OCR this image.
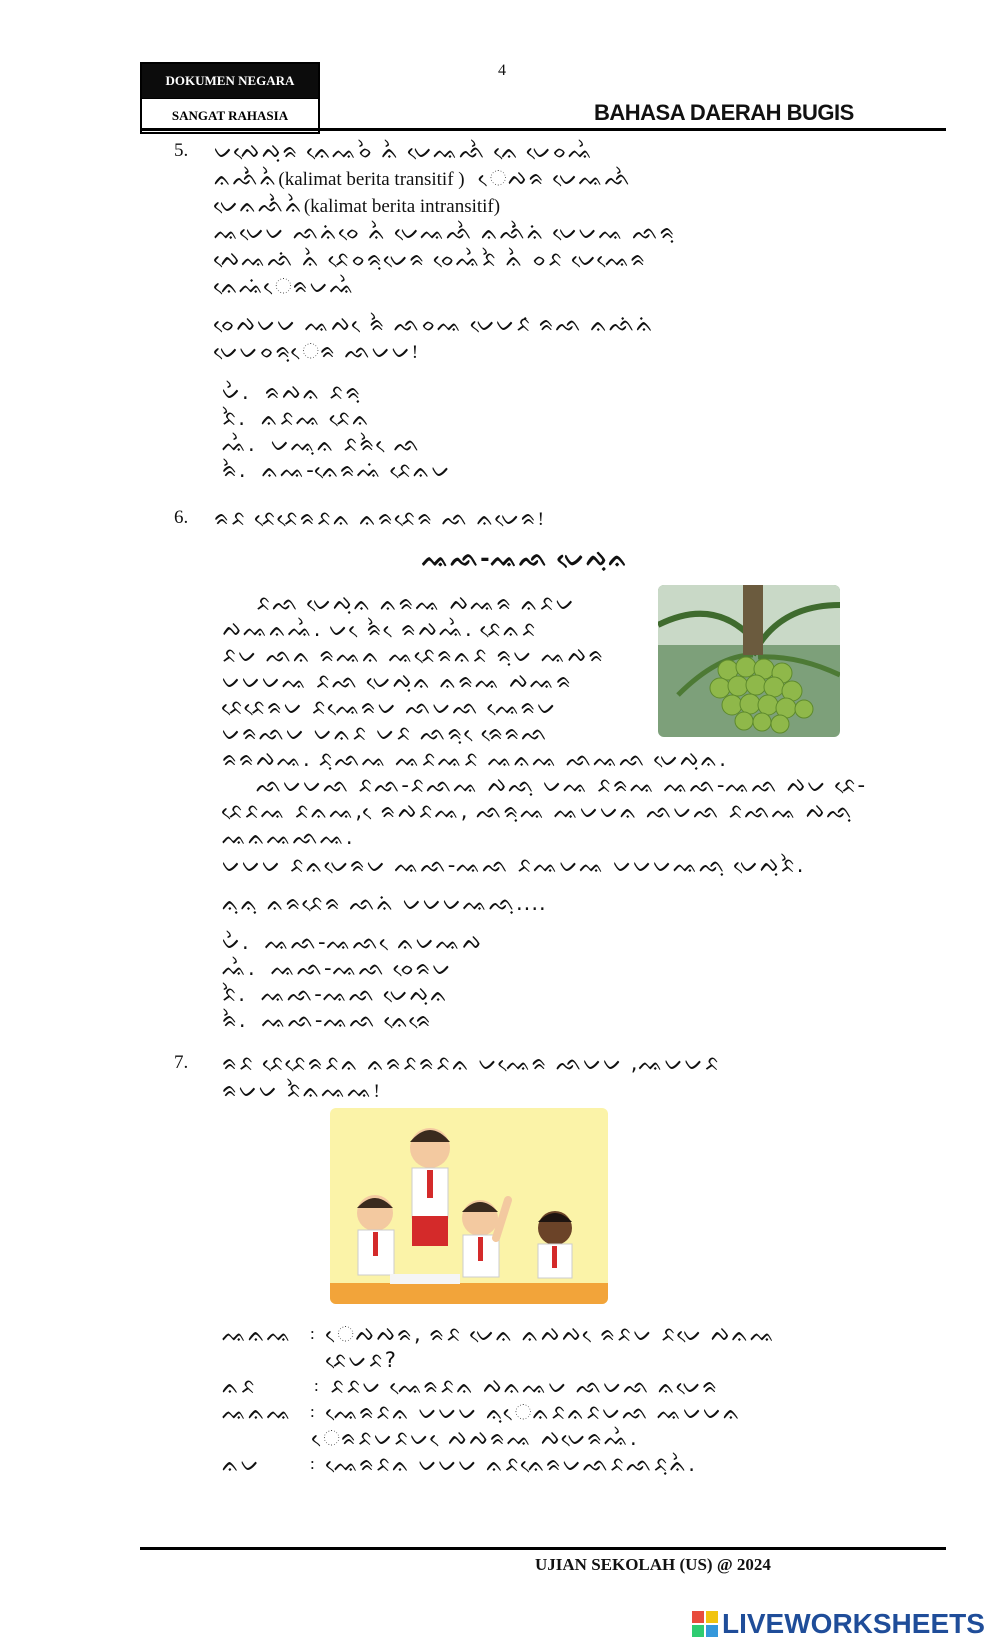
DOKUMEN NEGARA
SANGAT RAHASIA
4
BAHASA DAERAH BUGIS
5. ᨆᨄᨙᨄᨘᨑ ᨊᨙᨕᨔᨛ ᨊᨛ ᨆᨙᨕᨒᨛ ᨊᨙ ᨆᨙᨔᨕᨛ
ᨊᨒᨛᨗᨊᨛ (kalimat berita transitif ) ᨙᨄᨑ ᨆᨙᨕᨒᨛ
ᨆᨙᨊᨒᨛᨗᨊᨛ (kalimat berita intransitif)
ᨕᨆᨙᨆ ᨒᨊᨗᨔᨙ ᨊᨛ ᨆᨙᨕᨒᨛ ᨊᨒᨛᨗᨊᨗ ᨆᨙᨆᨕ ᨒᨑᨘ
ᨄᨙᨕᨒᨗ ᨊᨛ ᨅᨙᨔᨑᨘᨆᨙᨑ ᨔᨙᨕᨛᨅᨛ ᨊᨛ ᨔᨅ ᨆᨙᨕᨙᨑ
ᨊᨙᨕᨗᨙᨑᨆᨕᨛ
ᨔᨙᨄᨆᨆ ᨕᨄ ᨙᨑᨛ ᨒᨔᨕ ᨆᨙᨆᨅ ᨗᨑᨒ ᨊᨒᨗᨊᨗ
ᨆᨙᨆᨔᨑᨘᨙᨑ ᨒᨆᨆ !
ᨆᨛ. ᨑᨄᨊ ᨅᨑᨘ
ᨅᨛ. ᨊᨅᨕ ᨅᨙᨊ
ᨕᨛ. ᨆᨕᨘᨊ ᨅᨑᨛ ᨙᨒ
ᨑᨛ. ᨊᨕ-ᨊᨙᨑᨕᨗ ᨅᨙᨊᨆ
6. ᨑᨅ ᨅᨙᨅᨙᨑᨅᨊ ᨊᨑᨅᨙᨑ ᨒ ᨊᨆᨙᨑ !
ᨕᨒ-ᨕᨒ ᨆᨙᨄᨘᨊ
ᨅᨒ ᨆᨙᨄᨘᨊ ᨊᨑᨕ ᨄᨕᨑ ᨊᨅᨆ
ᨄᨕᨊᨕᨛ. ᨆ ᨙᨑᨛ ᨙᨑᨄᨕᨛ. ᨅᨙᨊᨅ
ᨅᨆ ᨒᨊ ᨑᨕᨊ ᨕᨅᨙᨑᨊᨅ ᨑᨘᨆ ᨕᨄᨑ
ᨆᨆᨆᨕ ᨅᨒ ᨆᨙᨄᨘᨊ ᨊᨑᨕ ᨄᨕᨑ
ᨅᨙᨅᨙᨑᨆ ᨅᨕᨙᨑᨆ ᨒᨆᨒ ᨕᨙᨑᨆ
ᨆᨑᨒᨆ ᨆᨊᨅ ᨆᨅ ᨒᨑᨘ ᨙᨑᨙᨑᨒ
ᨑᨑᨄᨕ. ᨅᨘᨒᨕ ᨕᨅᨕᨅ ᨕᨊᨕ ᨒᨕᨒ ᨆᨙᨄᨘᨊ.
ᨒᨆᨆᨒ ᨅᨒ-ᨅᨒᨕ ᨄᨒᨘ ᨆᨕ ᨅᨑᨕ ᨕᨒ-ᨕᨒ ᨄᨆ ᨅᨙ-
ᨅᨙᨅᨕ ᨅᨊᨕ, ᨙᨑᨄᨅᨕ, ᨒᨑᨘᨕ ᨕᨆᨆᨊ ᨒᨆᨒ ᨅᨒᨕ ᨄᨒᨘ
ᨕᨊᨕᨒᨕ.
ᨆᨆᨆ ᨅᨊᨆᨙᨑᨆ ᨕᨒ-ᨕᨒ ᨅᨕᨆᨕ ᨆᨆᨆᨕᨒᨘ ᨆᨙᨄᨘᨅᨛ.
ᨊᨘᨊᨘ ᨊᨑᨅᨙᨑ ᨒᨊᨗ ᨆᨆᨆᨕᨒᨘ....
ᨆᨛ. ᨕᨒ-ᨕᨒ ᨙᨊᨆᨕᨄ
ᨕᨛ. ᨕᨒ-ᨕᨒ ᨔᨙᨑᨆ
ᨅᨛ. ᨕᨒ-ᨕᨒ ᨆᨙᨄᨘᨊ
ᨑᨛ. ᨕᨒ-ᨕᨒ ᨊᨙᨑᨙ
7. ᨑᨅ ᨅᨙᨅᨙᨑᨅᨊ ᨊᨑᨅᨑᨅᨊ ᨆᨕᨙᨑ ᨒᨆᨆ ,ᨕᨆᨆᨅ
ᨑᨆᨆ ᨅᨛᨊᨕᨕ !
ᨕᨊᨕ : ᨙᨄᨄᨑ, ᨑᨅ ᨆᨙᨊ ᨊᨄᨄ ᨙᨑᨅᨆ ᨅᨆᨙ ᨄᨊᨕ
ᨅᨙᨆᨅ?
ᨊᨅ	: ᨅᨅᨆ ᨕᨙᨑᨅᨊ ᨄᨊᨕᨆ ᨒᨆᨒ ᨊᨆᨙᨑ
ᨕᨊᨕ : ᨕᨙᨑᨅᨊ ᨆᨆᨆ ᨊᨘᨙᨊᨅᨊᨅᨆᨒ ᨕᨆᨆᨊ
ᨙᨑᨅᨆᨅᨆ ᨙᨄᨄᨑᨕ ᨄᨆᨙᨑᨕᨛ.
ᨊᨆ	: ᨕᨙᨑᨅᨊ ᨆᨆᨆ ᨊᨅᨊᨙᨑᨆᨒᨅᨒᨅᨘᨊᨛ.
UJIAN SEKOLAH (US) @ 2024
LIVEWORKSHEETS
